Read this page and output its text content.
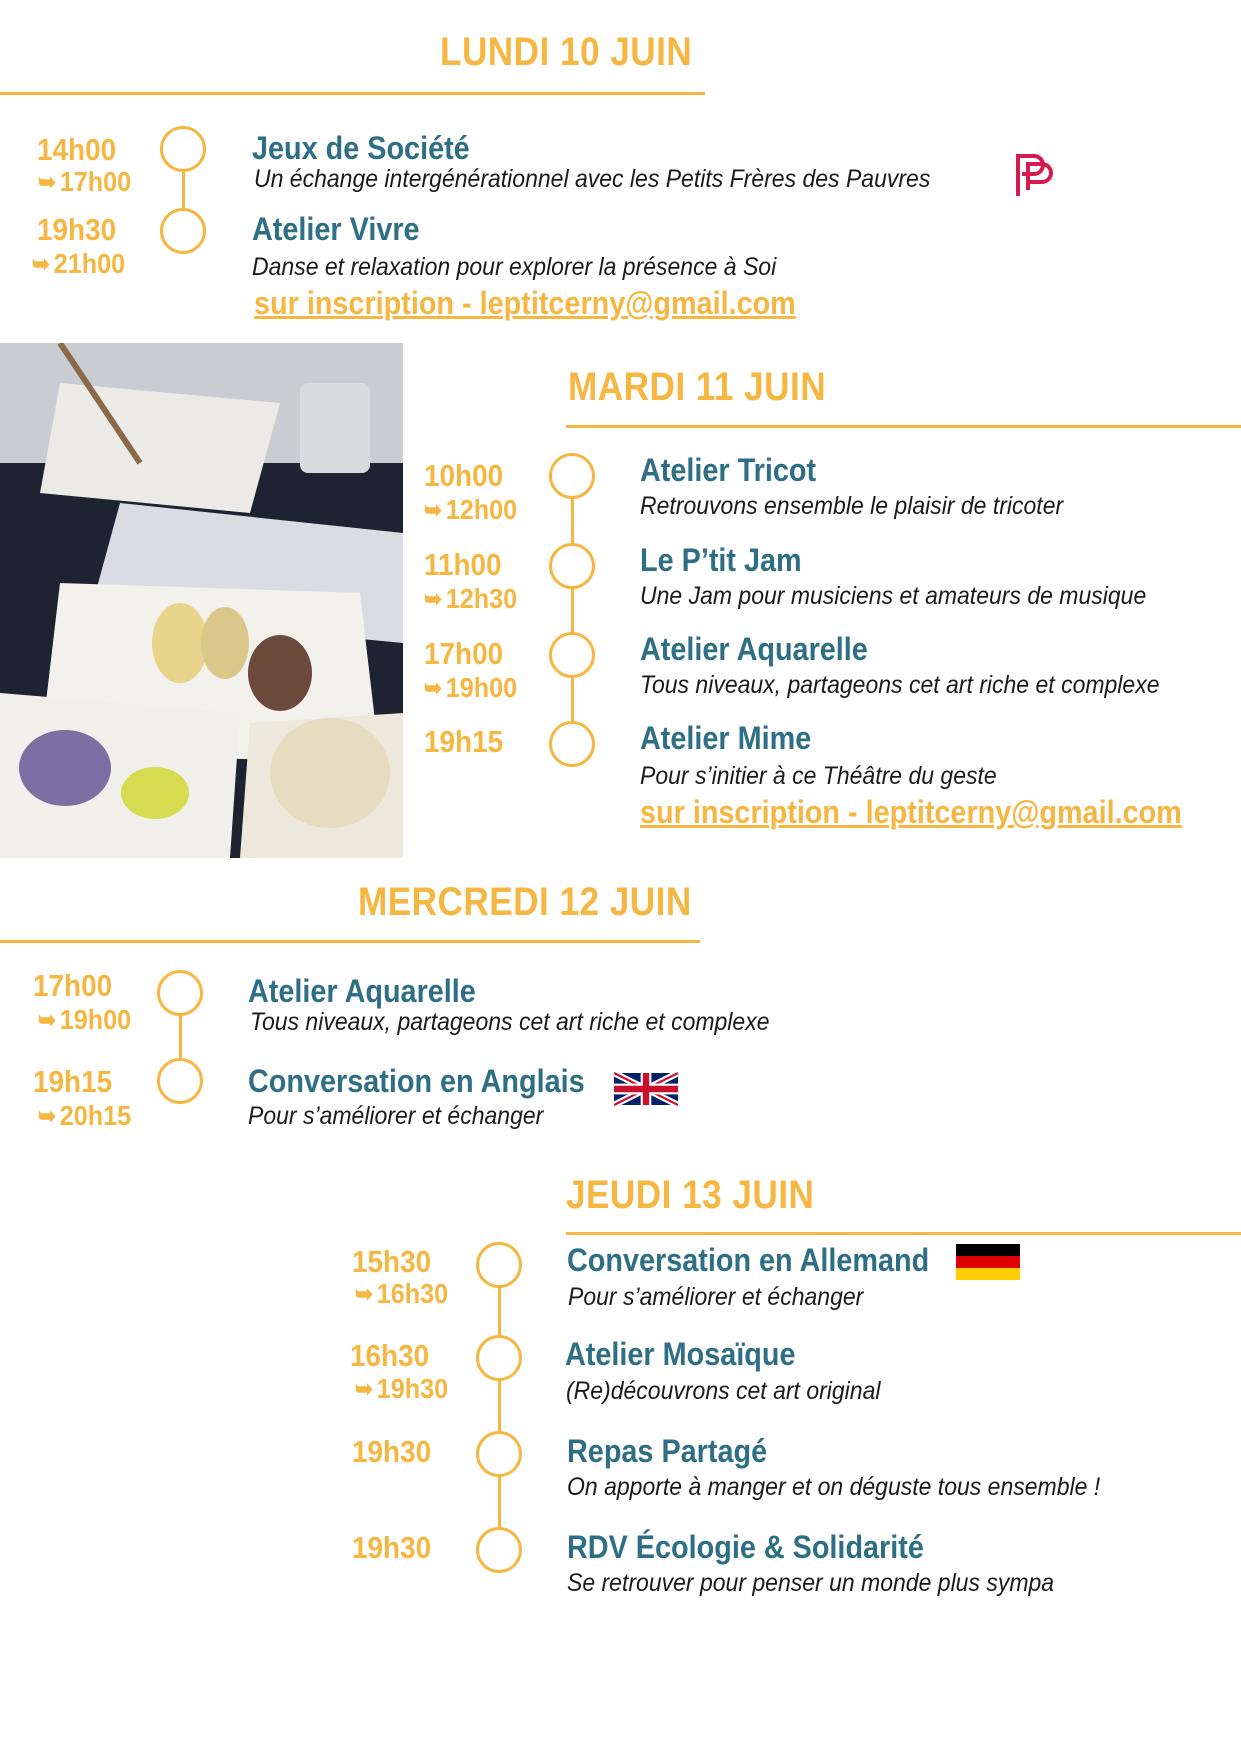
LUNDI 10 JUIN
14h00
➥ 17h00
Jeux de Société
Un échange intergénérationnel avec les Petits Frères des Pauvres
19h30
➥ 21h00
Atelier Vivre
Danse et relaxation pour explorer la présence à Soi
sur inscription - leptitcerny@gmail.com
MARDI 11 JUIN
10h00
➥ 12h00
Atelier Tricot
Retrouvons ensemble le plaisir de tricoter
11h00
➥ 12h30
Le P’tit Jam
Une Jam pour musiciens et amateurs de musique
17h00
➥ 19h00
Atelier Aquarelle
Tous niveaux, partageons cet art riche et complexe
19h15	Atelier Mime
Pour s’initier à ce Théâtre du geste
sur inscription - leptitcerny@gmail.com
MERCREDI 12 JUIN
17h00
➥ 19h00
Atelier Aquarelle
Tous niveaux, partageons cet art riche et complexe
19h15
➥ 20h15
Conversation en Anglais
Pour s’améliorer et échanger
JEUDI 13 JUIN
15h30
➥ 16h30
Conversation en Allemand
Pour s’améliorer et échanger
16h30
➥ 19h30
Atelier Mosaïque
(Re)découvrons cet art original
19h30	Repas Partagé
On apporte à manger et on déguste tous ensemble !
19h30	RDV Écologie & Solidarité
Se retrouver pour penser un monde plus sympa
